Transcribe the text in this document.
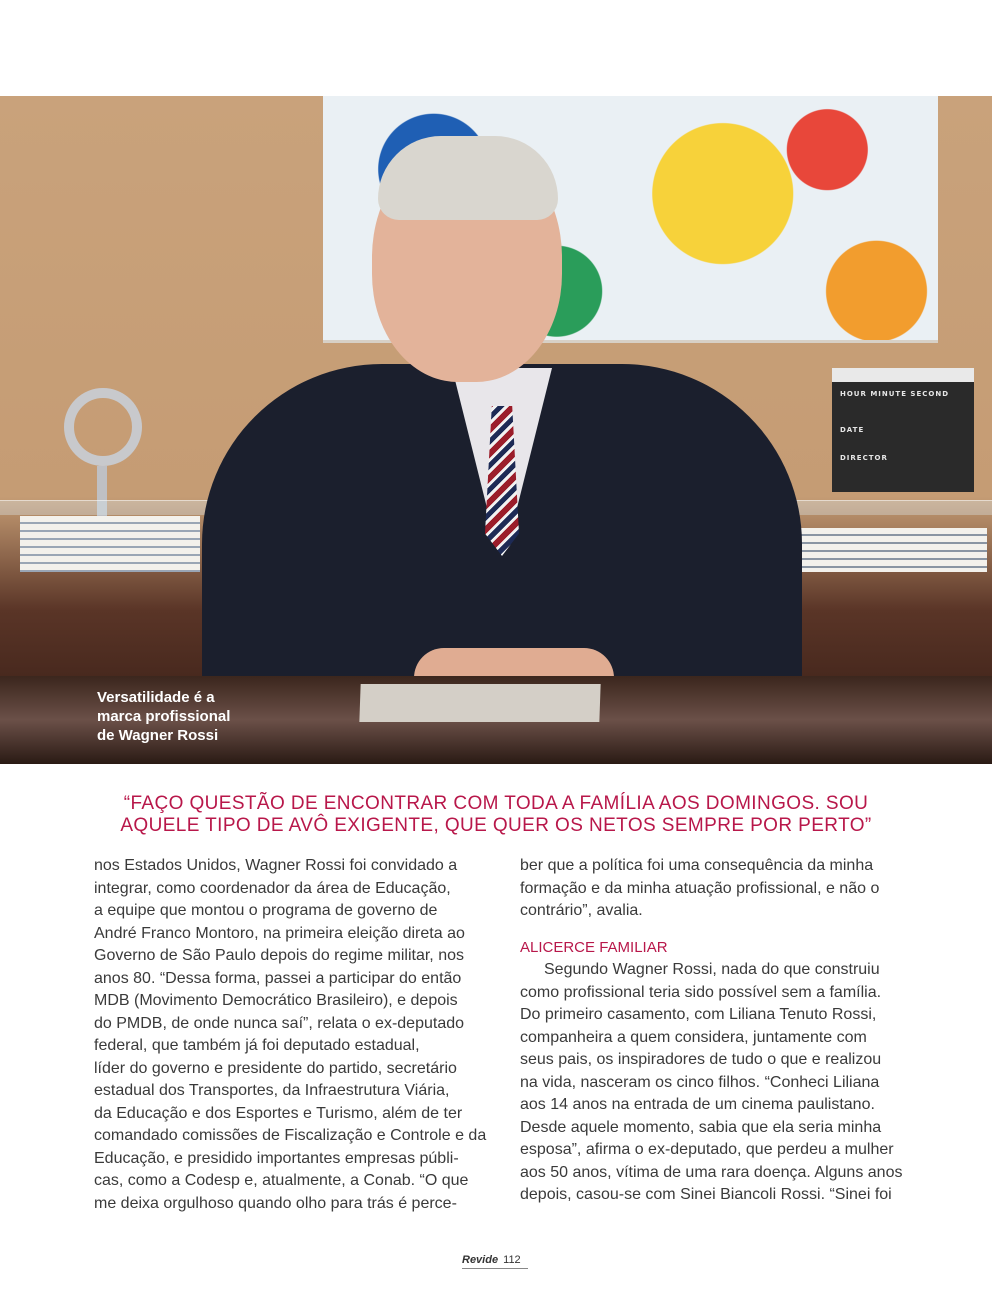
HOUR MINUTE SECOND
DATE
DIRECTOR
Versatilidade é a
marca profissional
de Wagner Rossi
“FAÇO QUESTÃO DE ENCONTRAR COM TODA A FAMÍLIA AOS DOMINGOS. SOU
AQUELE TIPO DE AVÔ EXIGENTE, QUE QUER OS NETOS SEMPRE POR PERTO”
nos Estados Unidos, Wagner Rossi foi convidado a
integrar, como coordenador da área de Educação,
a equipe que montou o programa de governo de
André Franco Montoro, na primeira eleição direta ao
Governo de São Paulo depois do regime militar, nos
anos 80. “Dessa forma, passei a participar do então
MDB (Movimento Democrático Brasileiro), e depois
do PMDB, de onde nunca saí”, relata o ex-deputado
federal, que também já foi deputado estadual,
líder do governo e presidente do partido, secretário
estadual dos Transportes, da Infraestrutura Viária,
da Educação e dos Esportes e Turismo, além de ter
comandado comissões de Fiscalização e Controle e da
Educação, e presidido importantes empresas públi-
cas, como a Codesp e, atualmente, a Conab. “O que
me deixa orgulhoso quando olho para trás é perce-
ber que a política foi uma consequência da minha
formação e da minha atuação profissional, e não o
contrário”, avalia.
ALICERCE FAMILIAR
Segundo Wagner Rossi, nada do que construiu
como profissional teria sido possível sem a família.
Do primeiro casamento, com Liliana Tenuto Rossi,
companheira a quem considera, juntamente com
seus pais, os inspiradores de tudo o que e realizou
na vida, nasceram os cinco filhos. “Conheci Liliana
aos 14 anos na entrada de um cinema paulistano.
Desde aquele momento, sabia que ela seria minha
esposa”, afirma o ex-deputado, que perdeu a mulher
aos 50 anos, vítima de uma rara doença. Alguns anos
depois, casou-se com Sinei Biancoli Rossi. “Sinei foi
Revide 112
